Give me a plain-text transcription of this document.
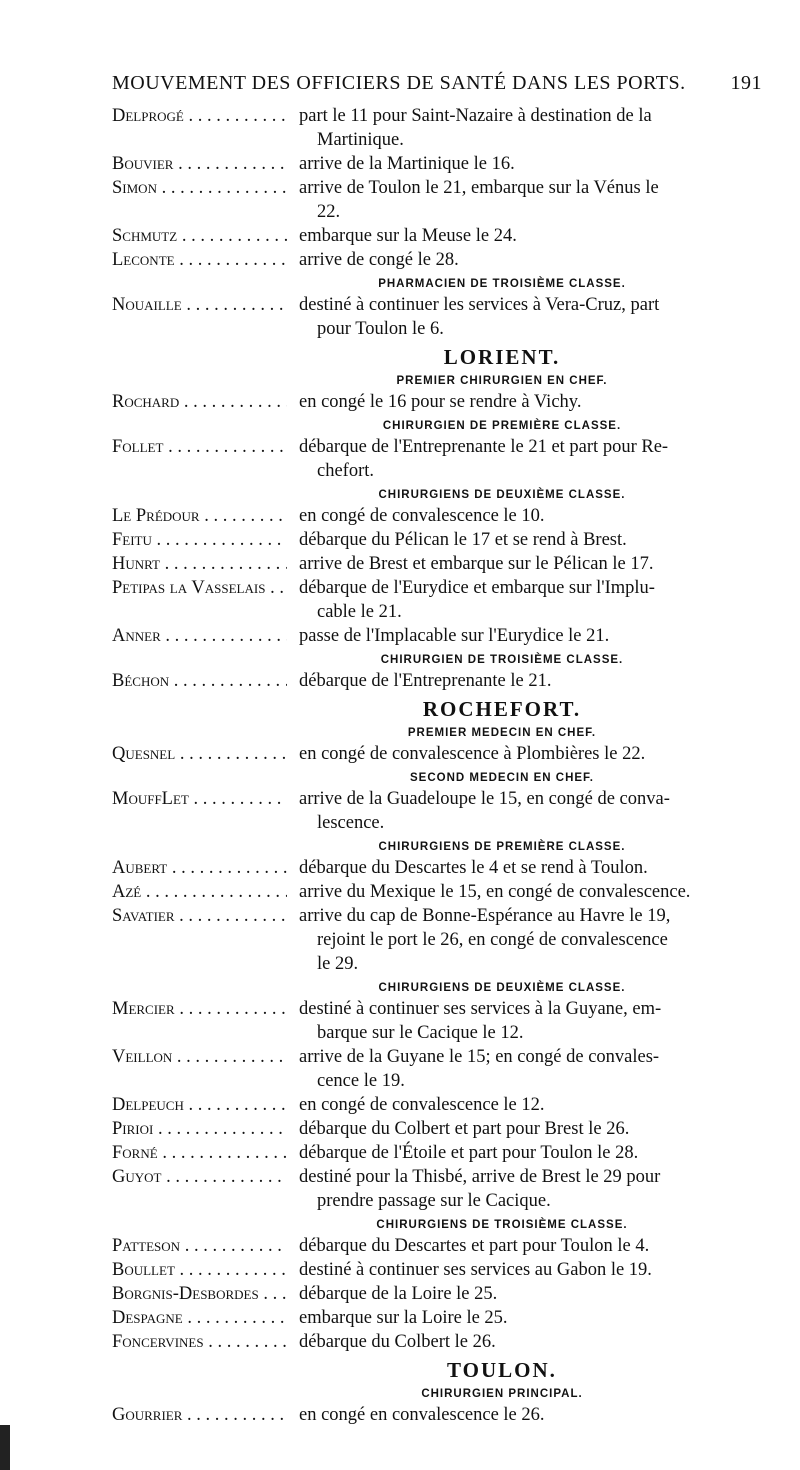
MOUVEMENT DES OFFICIERS DE SANTÉ DANS LES PORTS. 191
Delprogé . . .	part le 11 pour Saint-Nazaire à destination de la
Martinique.
Bouvier . . .	arrive de la Martinique le 16.
Simon . . .	arrive de Toulon le 21, embarque sur la Vénus le
22.
Schmutz . . .	embarque sur la Meuse le 24.
Leconte . . .	arrive de congé le 28.
PHARMACIEN DE TROISIÈME CLASSE.
Nouaille . . .	destiné à continuer les services à Vera-Cruz, part
pour Toulon le 6.
LORIENT.
PREMIER CHIRURGIEN EN CHEF.
Rochard . . .	en congé le 16 pour se rendre à Vichy.
CHIRURGIEN DE PREMIÈRE CLASSE.
Follet . . .	débarque de l'Entreprenante le 21 et part pour Re-
chefort.
CHIRURGIENS DE DEUXIÈME CLASSE.
Le Prédour . . .	en congé de convalescence le 10.
Feitu . . .	débarque du Pélican le 17 et se rend à Brest.
Hunrt . . .	arrive de Brest et embarque sur le Pélican le 17.
Petipas la Vasselais . . .	débarque de l'Eurydice et embarque sur l'Implu-
cable le 21.
Anner . . .	passe de l'Implacable sur l'Eurydice le 21.
CHIRURGIEN DE TROISIÈME CLASSE.
Béchon . . .	débarque de l'Entreprenante le 21.
ROCHEFORT.
PREMIER MEDECIN EN CHEF.
Quesnel . . .	en congé de convalescence à Plombières le 22.
SECOND MEDECIN EN CHEF.
MouffLet . . .	arrive de la Guadeloupe le 15, en congé de conva-
lescence.
CHIRURGIENS DE PREMIÈRE CLASSE.
Aubert . . .	débarque du Descartes le 4 et se rend à Toulon.
Azé . . .	arrive du Mexique le 15, en congé de convalescence.
Savatier . . .	arrive du cap de Bonne-Espérance au Havre le 19,
rejoint le port le 26, en congé de convalescence
le 29.
CHIRURGIENS DE DEUXIÈME CLASSE.
Mercier . . .	destiné à continuer ses services à la Guyane, em-
barque sur le Cacique le 12.
Veillon . . .	arrive de la Guyane le 15; en congé de convales-
cence le 19.
Delpeuch . . .	en congé de convalescence le 12.
Pirioi . . .	débarque du Colbert et part pour Brest le 26.
Forné . . .	débarque de l'Étoile et part pour Toulon le 28.
Guyot . . .	destiné pour la Thisbé, arrive de Brest le 29 pour
prendre passage sur le Cacique.
CHIRURGIENS DE TROISIÈME CLASSE.
Patteson . . .	débarque du Descartes et part pour Toulon le 4.
Boullet . . .	destiné à continuer ses services au Gabon le 19.
Borgnis-Desbordes . . .	débarque de la Loire le 25.
Despagne . . .	embarque sur la Loire le 25.
Foncervines . . .	débarque du Colbert le 26.
TOULON.
CHIRURGIEN PRINCIPAL.
Gourrier . . .	en congé en convalescence le 26.
